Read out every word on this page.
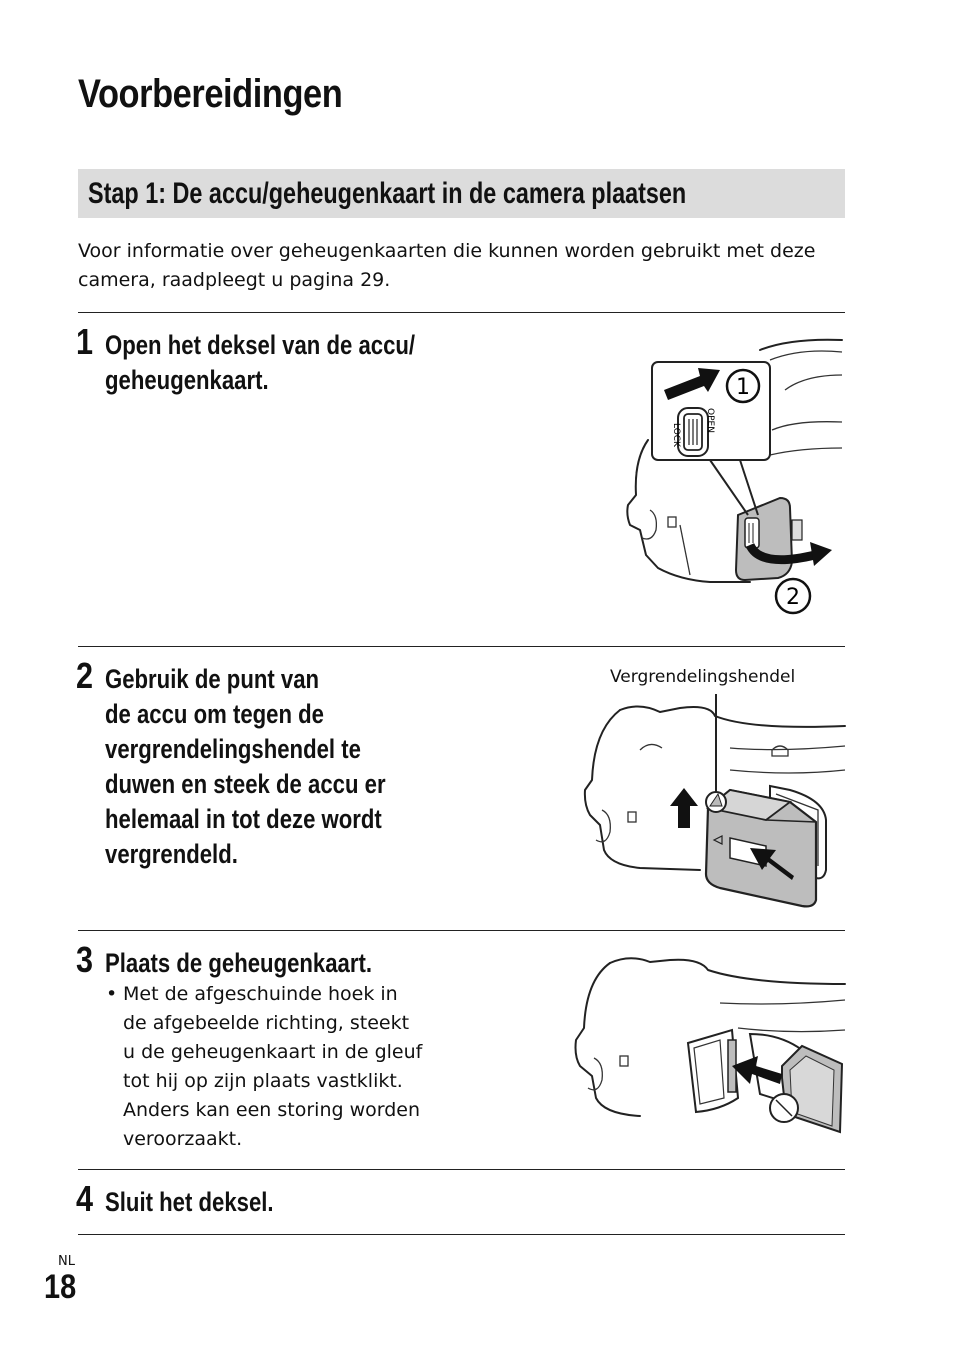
Voorbereidingen
Stap 1: De accu/geheugenkaart in de camera plaatsen
Voor informatie over geheugenkaarten die kunnen worden gebruikt met deze camera, raadpleegt u pagina 29.
1 Open het deksel van de accu/
geheugenkaart.
OPEN
LOCK
1
2
2 Gebruik de punt van
de accu om tegen de
vergrendelingshendel te
duwen en steek de accu er
helemaal in tot deze wordt
vergrendeld.
Vergrendelingshendel
3 Plaats de geheugenkaart.
• Met de afgeschuinde hoek in
de afgebeelde richting, steekt
u de geheugenkaart in de gleuf
tot hij op zijn plaats vastklikt.
Anders kan een storing worden
veroorzaakt.
4 Sluit het deksel.
NL
18
